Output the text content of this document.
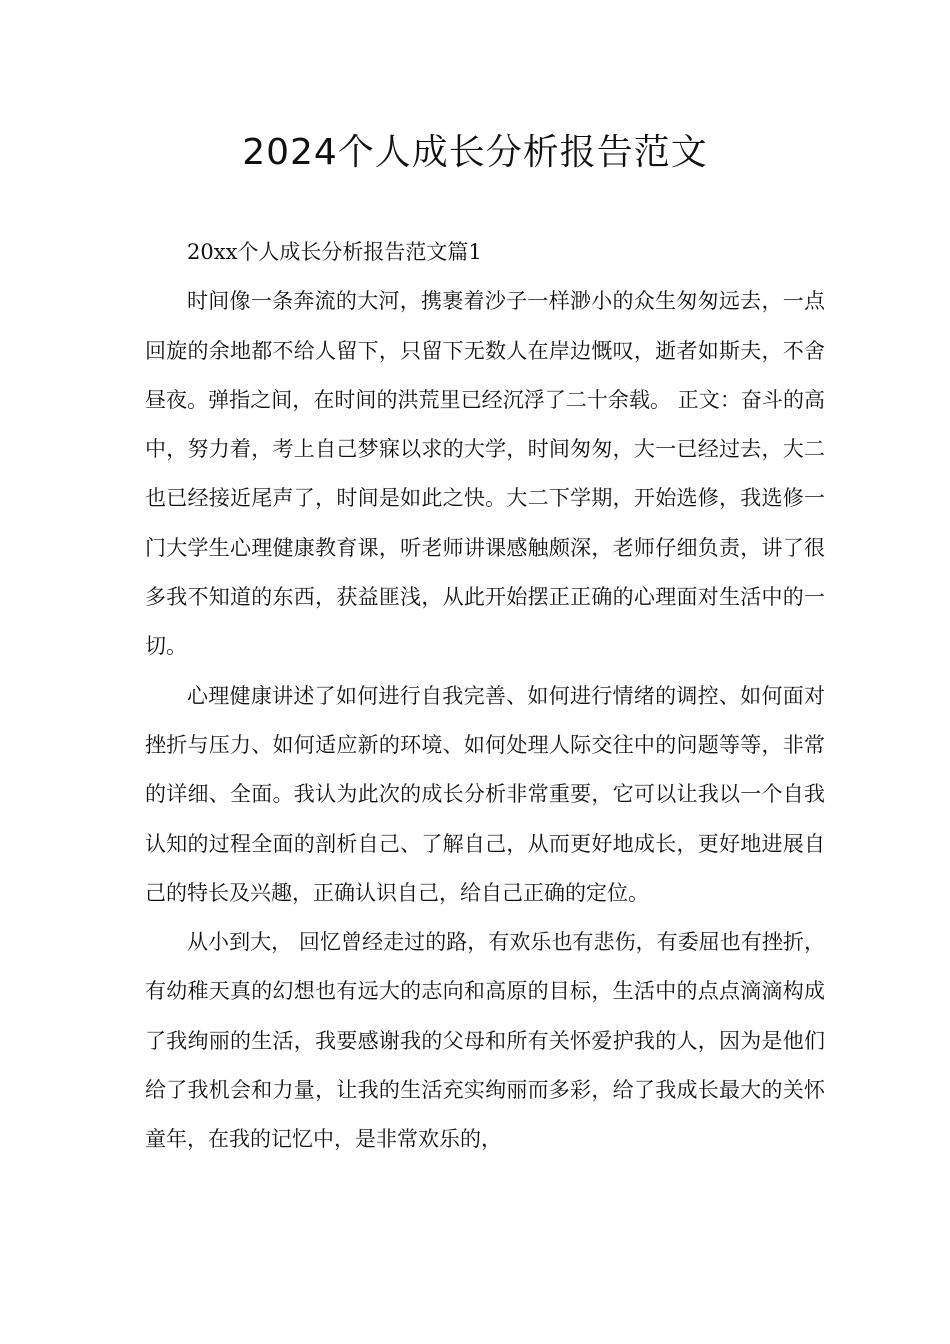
2024个人成长分析报告范文

20xx个人成长分析报告范文篇1

时间像一条奔流的大河，携裹着沙子一样渺小的众生匆匆远去，一点回旋的余地都不给人留下，只留下无数人在岸边慨叹，逝者如斯夫，不舍昼夜。弹指之间，在时间的洪荒里已经沉浮了二十余载。 正文：奋斗的高中，努力着，考上自己梦寐以求的大学，时间匆匆，大一已经过去，大二也已经接近尾声了，时间是如此之快。大二下学期，开始选修，我选修一门大学生心理健康教育课，听老师讲课感触颇深，老师仔细负责，讲了很多我不知道的东西，获益匪浅，从此开始摆正正确的心理面对生活中的一切。

心理健康讲述了如何进行自我完善、如何进行情绪的调控、如何面对挫折与压力、如何适应新的环境、如何处理人际交往中的问题等等，非常的详细、全面。我认为此次的成长分析非常重要，它可以让我以一个自我认知的过程全面的剖析自己、了解自己，从而更好地成长，更好地进展自己的特长及兴趣，正确认识自己，给自己正确的定位。

从小到大， 回忆曾经走过的路，有欢乐也有悲伤，有委屈也有挫折，有幼稚天真的幻想也有远大的志向和高原的目标，生活中的点点滴滴构成了我绚丽的生活，我要感谢我的父母和所有关怀爱护我的人，因为是他们给了我机会和力量，让我的生活充实绚丽而多彩，给了我成长最大的关怀 童年，在我的记忆中，是非常欢乐的，
